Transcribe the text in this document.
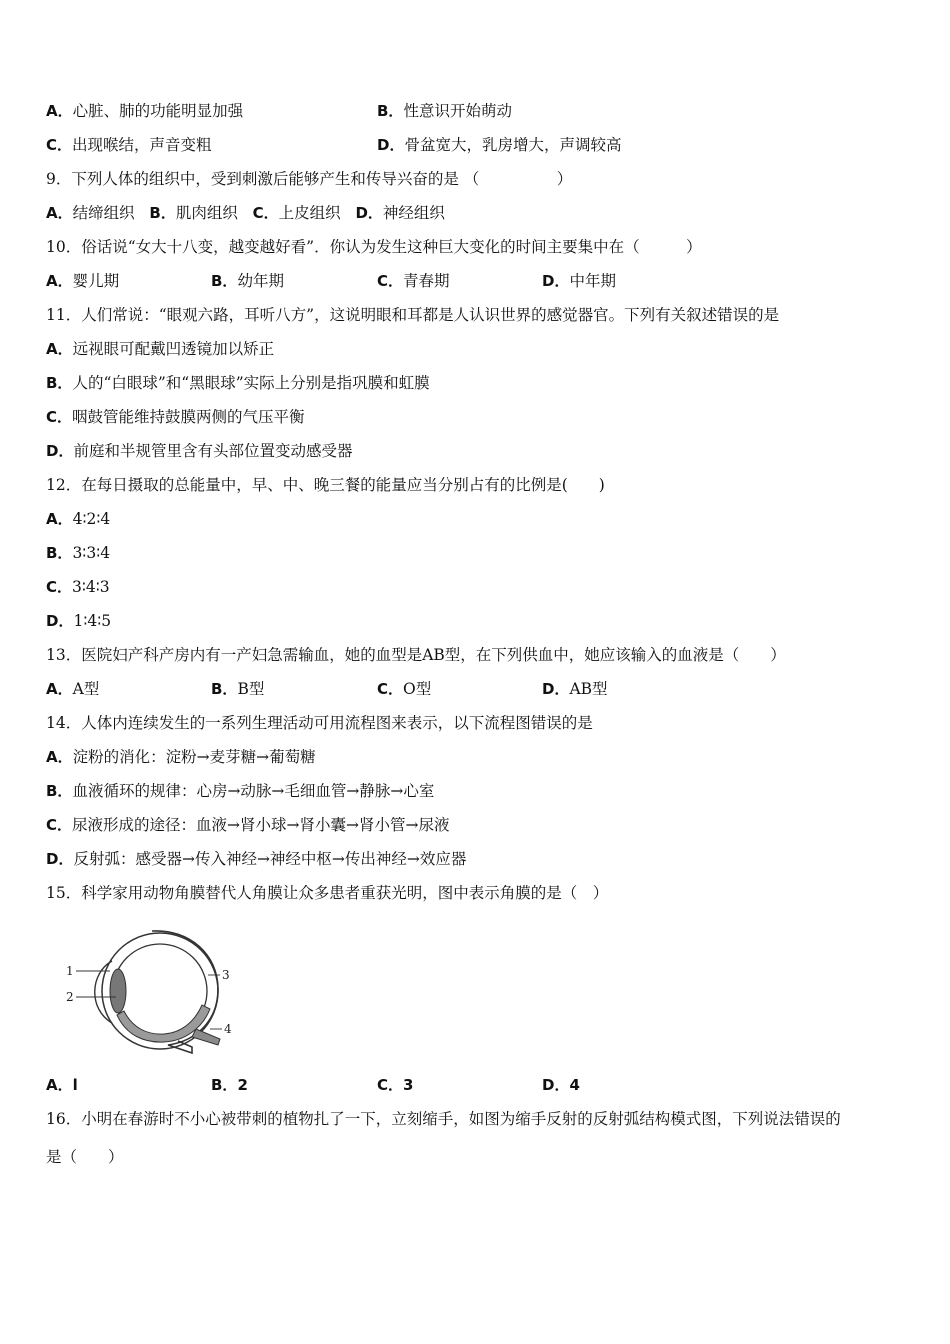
A．心脏、肺的功能明显加强	B．性意识开始萌动
C．出现喉结，声音变粗	D．骨盆宽大，乳房增大，声调较高
9．下列人体的组织中，受到刺激后能够产生和传导兴奋的是 （　　　　　）
A．结缔组织 B．肌肉组织 C．上皮组织 D．神经组织
10．俗话说“女大十八变，越变越好看”．你认为发生这种巨大变化的时间主要集中在（　　　）
A．婴儿期	B．幼年期	C．青春期	D．中年期
11．人们常说：“眼观六路，耳听八方”，这说明眼和耳都是人认识世界的感觉器官。下列有关叙述错误的是
A．远视眼可配戴凹透镜加以矫正
B．人的“白眼球”和“黑眼球”实际上分别是指巩膜和虹膜
C．咽鼓管能维持鼓膜两侧的气压平衡
D．前庭和半规管里含有头部位置变动感受器
12．在每日摄取的总能量中，早、中、晚三餐的能量应当分别占有的比例是(　　)
A．4∶2∶4
B．3∶3∶4
C．3∶4∶3
D．1∶4∶5
13．医院妇产科产房内有一产妇急需输血，她的血型是AB型，在下列供血中，她应该输入的血液是（　　）
A．A型	B．B型	C．O型	D．AB型
14．人体内连续发生的一系列生理活动可用流程图来表示，以下流程图错误的是
A．淀粉的消化：淀粉→麦芽糖→葡萄糖
B．血液循环的规律：心房→动脉→毛细血管→静脉→心室
C．尿液形成的途径：血液→肾小球→肾小囊→肾小管→尿液
D．反射弧：感受器→传入神经→神经中枢→传出神经→效应器
15．科学家用动物角膜替代人角膜让众多患者重获光明，图中表示角膜的是（　）
1
2
3
4
A．l	B．2	C．3	D．4
16．小明在春游时不小心被带刺的植物扎了一下，立刻缩手，如图为缩手反射的反射弧结构模式图，下列说法错误的
是（　　）
